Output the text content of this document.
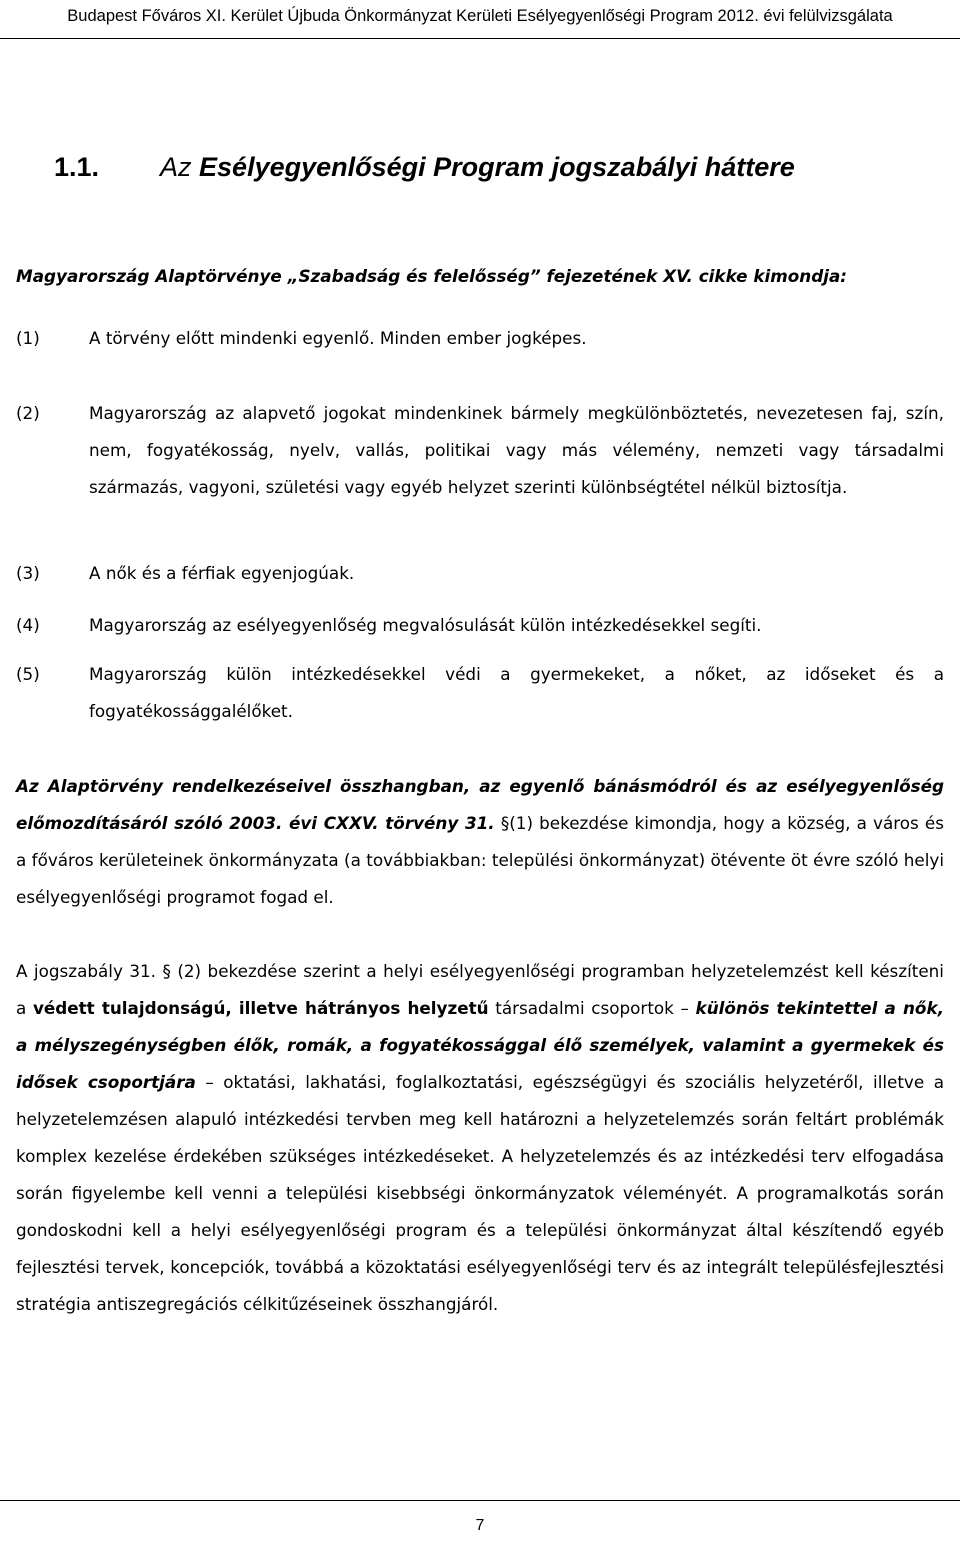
Budapest Főváros XI. Kerület Újbuda Önkormányzat Kerületi Esélyegyenlőségi Program 2012. évi felülvizsgálata
1.1. Az Esélyegyenlőségi Program jogszabályi háttere
Magyarország Alaptörvénye „Szabadság és felelősség” fejezetének XV. cikke kimondja:
(1)	A törvény előtt mindenki egyenlő. Minden ember jogképes.
(2)	Magyarország az alapvető jogokat mindenkinek bármely megkülönböztetés, nevezetesen faj, szín, nem, fogyatékosság, nyelv, vallás, politikai vagy más vélemény, nemzeti vagy társadalmi származás, vagyoni, születési vagy egyéb helyzet szerinti különbségtétel nélkül biztosítja.
(3)	A nők és a férfiak egyenjogúak.
(4)	Magyarország az esélyegyenlőség megvalósulását külön intézkedésekkel segíti.
(5)	Magyarország külön intézkedésekkel védi a gyermekeket, a nőket, az időseket és a fogyatékossággalélőket.

Az Alaptörvény rendelkezéseivel összhangban, az egyenlő bánásmódról és az esélyegyenlőség előmozdításáról szóló 2003. évi CXXV. törvény 31. §(1) bekezdése kimondja, hogy a község, a város és a főváros kerületeinek önkormányzata (a továbbiakban: települési önkormányzat) ötévente öt évre szóló helyi esélyegyenlőségi programot fogad el.

A jogszabály 31. § (2) bekezdése szerint a helyi esélyegyenlőségi programban helyzetelemzést kell készíteni a védett tulajdonságú, illetve hátrányos helyzetű társadalmi csoportok – különös tekintettel a nők, a mélyszegénységben élők, romák, a fogyatékossággal élő személyek, valamint a gyermekek és idősek csoportjára – oktatási, lakhatási, foglalkoztatási, egészségügyi és szociális helyzetéről, illetve a helyzetelemzésen alapuló intézkedési tervben meg kell határozni a helyzetelemzés során feltárt problémák komplex kezelése érdekében szükséges intézkedéseket. A helyzetelemzés és az intézkedési terv elfogadása során figyelembe kell venni a települési kisebbségi önkormányzatok véleményét. A programalkotás során gondoskodni kell a helyi esélyegyenlőségi program és a települési önkormányzat által készítendő egyéb fejlesztési tervek, koncepciók, továbbá a közoktatási esélyegyenlőségi terv és az integrált településfejlesztési stratégia antiszegregációs célkitűzéseinek összhangjáról.

7
